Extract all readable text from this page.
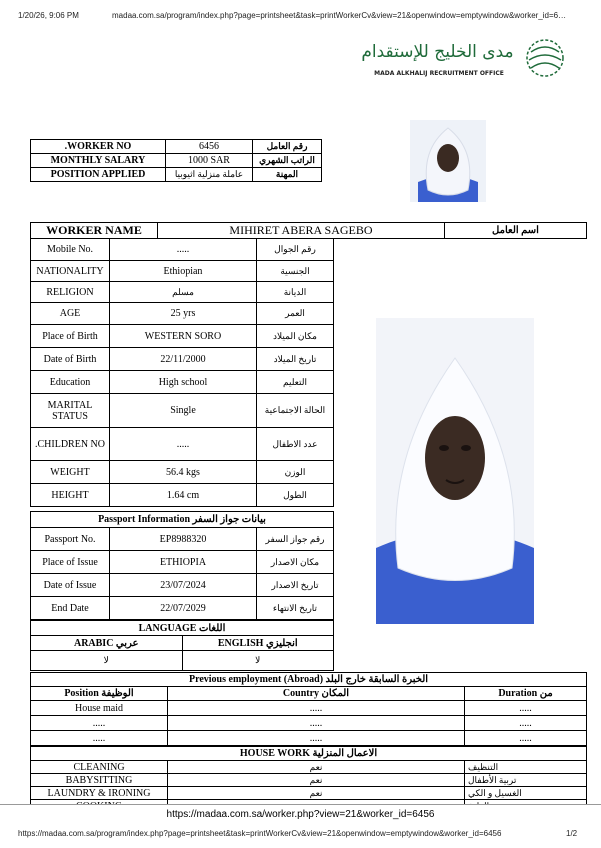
1/20/26, 9:06 PM	madaa.com.sa/program/index.php?page=printsheet&task=printWorkerCv&view=21&openwindow=emptywindow&worker_id=6…
مدى الخليج للإستقدام
MADA ALKHALIJ RECRUITMENT OFFICE
.WORKER NO	6456	رقم العامل
MONTHLY SALARY	1000 SAR	الراتب الشهري
POSITION APPLIED	عاملة منزلية اثيوبيا	المهنة
WORKER NAME	MIHIRET ABERA SAGEBO	اسم العامل
Mobile No.	.....	رقم الجوال
NATIONALITY	Ethiopian	الجنسية
RELIGION	مسلم	الديانة
AGE	25 yrs	العمر
Place of Birth	WESTERN SORO	مكان الميلاد
Date of Birth	22/11/2000	تاريخ الميلاد
Education	High school	التعليم
MARITAL STATUS	Single	الحالة الاجتماعية
.CHILDREN NO	.....	عدد الاطفال
WEIGHT	56.4 kgs	الوزن
HEIGHT	1.64 cm	الطول
Passport Information بيانات جواز السفر		
Passport No.	EP8988320	رقم جواز السفر
Place of Issue	ETHIOPIA	مكان الاصدار
Date of Issue	23/07/2024	تاريخ الاصدار
End Date	22/07/2029	تاريخ الانتهاء
LANGUAGE اللغات	
ARABIC عربي	ENGLISH انجليزي
لا	لا
Previous employment (Abroad) الخبرة السابقة خارج البلد		
Position الوظيفة	Country المكان	Duration من
House maid	.....	.....
.....	.....	.....
.....	.....	.....
HOUSE WORK الاعمال المنزلية		
CLEANING	نعم	التنظيف
BABYSITTING	نعم	تربية الأطفال
LAUNDRY & IRONING	نعم	الغسيل و الكي

https://madaa.com.sa/worker.php?view=21&worker_id=6456
https://madaa.com.sa/program/index.php?page=printsheet&task=printWorkerCv&view=21&openwindow=emptywindow&worker_id=6456	1/2
